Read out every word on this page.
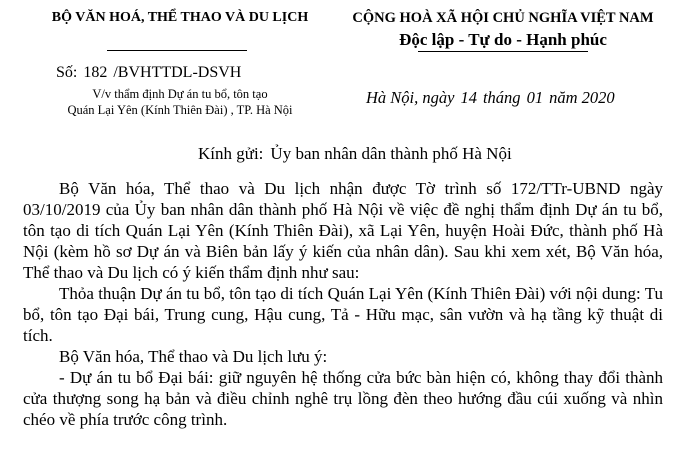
BỘ VĂN HOÁ, THỂ THAO VÀ DU LỊCH	CỘNG HOÀ XÃ HỘI CHỦ NGHĨA VIỆT NAM
Độc lập - Tự do - Hạnh phúc
Số: 182 /BVHTTDL-DSVH
V/v thẩm định Dự án tu bổ, tôn tạo
Quán Lại Yên (Kính Thiên Đài) , TP. Hà Nội
Hà Nội, ngày 14 tháng 01 năm 2020
Kính gửi: Ủy ban nhân dân thành phố Hà Nội

Bộ Văn hóa, Thể thao và Du lịch nhận được Tờ trình số 172/TTr-UBND ngày 03/10/2019 của Ủy ban nhân dân thành phố Hà Nội về việc đề nghị thẩm định Dự án tu bổ, tôn tạo di tích Quán Lại Yên (Kính Thiên Đài), xã Lại Yên, huyện Hoài Đức, thành phố Hà Nội (kèm hồ sơ Dự án và Biên bản lấy ý kiến của nhân dân). Sau khi xem xét, Bộ Văn hóa, Thể thao và Du lịch có ý kiến thẩm định như sau:

Thỏa thuận Dự án tu bổ, tôn tạo di tích Quán Lại Yên (Kính Thiên Đài) với nội dung: Tu bổ, tôn tạo Đại bái, Trung cung, Hậu cung, Tả - Hữu mạc, sân vườn và hạ tầng kỹ thuật di tích.

Bộ Văn hóa, Thể thao và Du lịch lưu ý:

- Dự án tu bổ Đại bái: giữ nguyên hệ thống cửa bức bàn hiện có, không thay đổi thành cửa thượng song hạ bản và điều chỉnh nghê trụ lồng đèn theo hướng đầu cúi xuống và nhìn chéo về phía trước công trình.
